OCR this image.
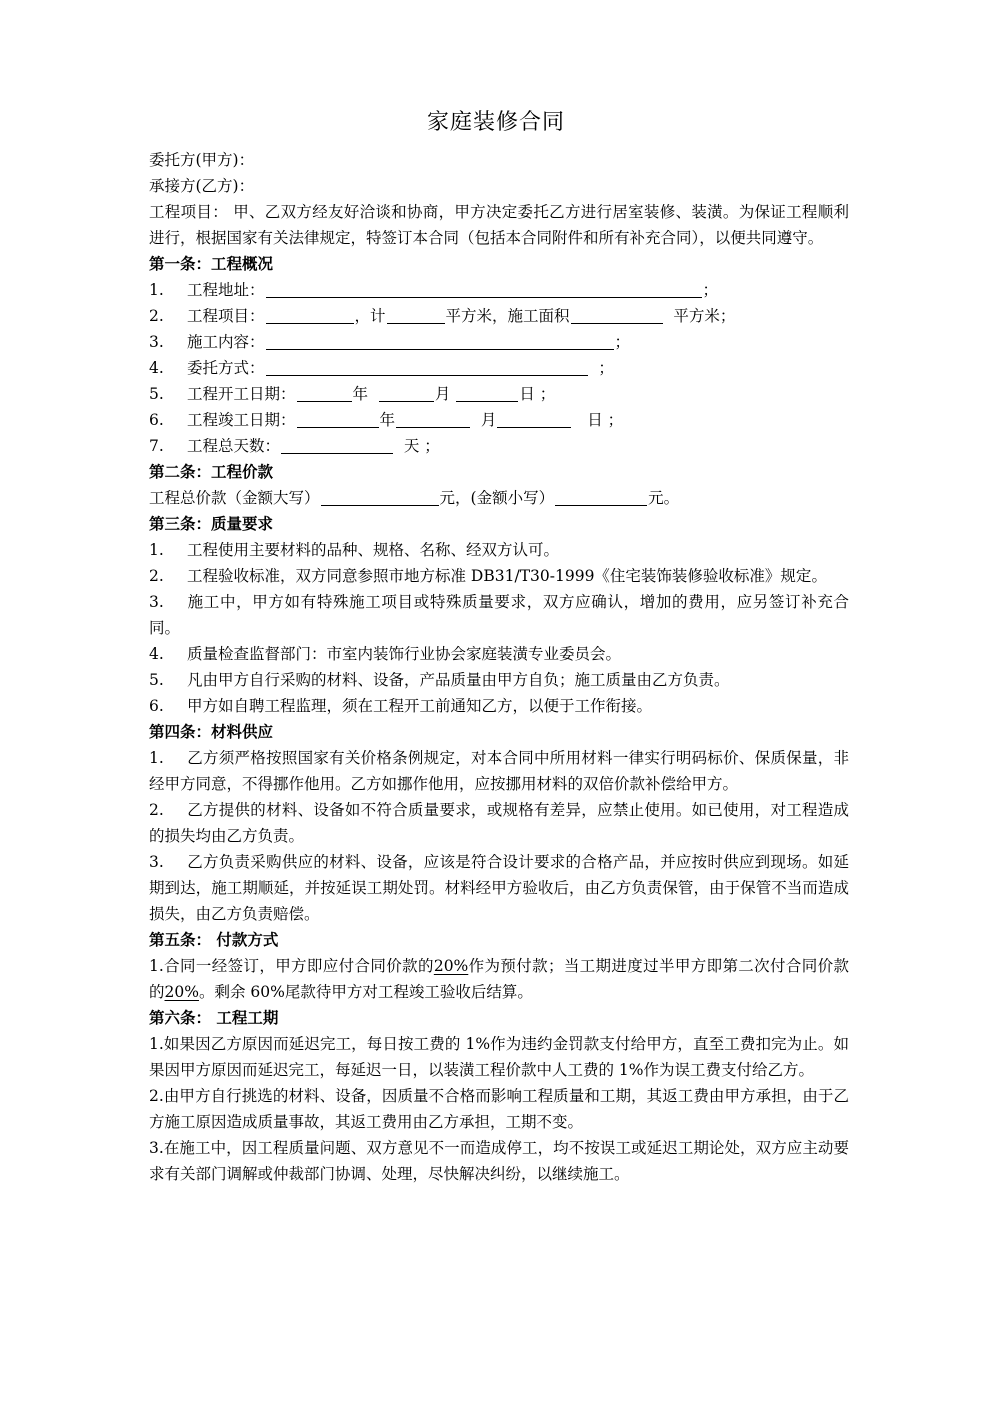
家庭装修合同
委托方(甲方)：
承接方(乙方)：
工程项目： 甲、乙双方经友好洽谈和协商，甲方决定委托乙方进行居室装修、装潢。为保证工程顺利进行，根据国家有关法律规定，特签订本合同（包括本合同附件和所有补充合同），以便共同遵守。
第一条：工程概况
1. 工程地址：	；
2. 工程项目：	，计	平方米，施工面积	平方米；
3. 施工内容：	；
4. 委托方式：	；
5. 工程开工日期：	年	月	日 ；
6. 工程竣工日期：	年	月	日 ；
7. 工程总天数：	天 ；
第二条：工程价款
工程总价款（金额大写）	元，(金额小写）	元。
第三条：质量要求
1. 工程使用主要材料的品种、规格、名称、经双方认可。
2. 工程验收标准，双方同意参照市地方标准 DB31/T30-1999《住宅装饰装修验收标准》规定。
3. 施工中，甲方如有特殊施工项目或特殊质量要求，双方应确认，增加的费用，应另签订补充合同。
4. 质量检查监督部门：市室内装饰行业协会家庭装潢专业委员会。
5. 凡由甲方自行采购的材料、设备，产品质量由甲方自负；施工质量由乙方负责。
6. 甲方如自聘工程监理，须在工程开工前通知乙方，以便于工作衔接。
第四条：材料供应
1. 乙方须严格按照国家有关价格条例规定，对本合同中所用材料一律实行明码标价、保质保量，非经甲方同意，不得挪作他用。乙方如挪作他用，应按挪用材料的双倍价款补偿给甲方。
2. 乙方提供的材料、设备如不符合质量要求，或规格有差异，应禁止使用。如已使用，对工程造成的损失均由乙方负责。
3. 乙方负责采购供应的材料、设备，应该是符合设计要求的合格产品，并应按时供应到现场。如延期到达，施工期顺延，并按延误工期处罚。材料经甲方验收后，由乙方负责保管，由于保管不当而造成损失，由乙方负责赔偿。
第五条： 付款方式
1.合同一经签订，甲方即应付合同价款的20%作为预付款；当工期进度过半甲方即第二次付合同价款的20%。剩余 60%尾款待甲方对工程竣工验收后结算。
第六条： 工程工期
1.如果因乙方原因而延迟完工，每日按工费的 1%作为违约金罚款支付给甲方，直至工费扣完为止。如果因甲方原因而延迟完工，每延迟一日，以装潢工程价款中人工费的 1%作为误工费支付给乙方。
2.由甲方自行挑选的材料、设备，因质量不合格而影响工程质量和工期，其返工费由甲方承担，由于乙方施工原因造成质量事故，其返工费用由乙方承担，工期不变。
3.在施工中，因工程质量问题、双方意见不一而造成停工，均不按误工或延迟工期论处，双方应主动要求有关部门调解或仲裁部门协调、处理，尽快解决纠纷，以继续施工。
